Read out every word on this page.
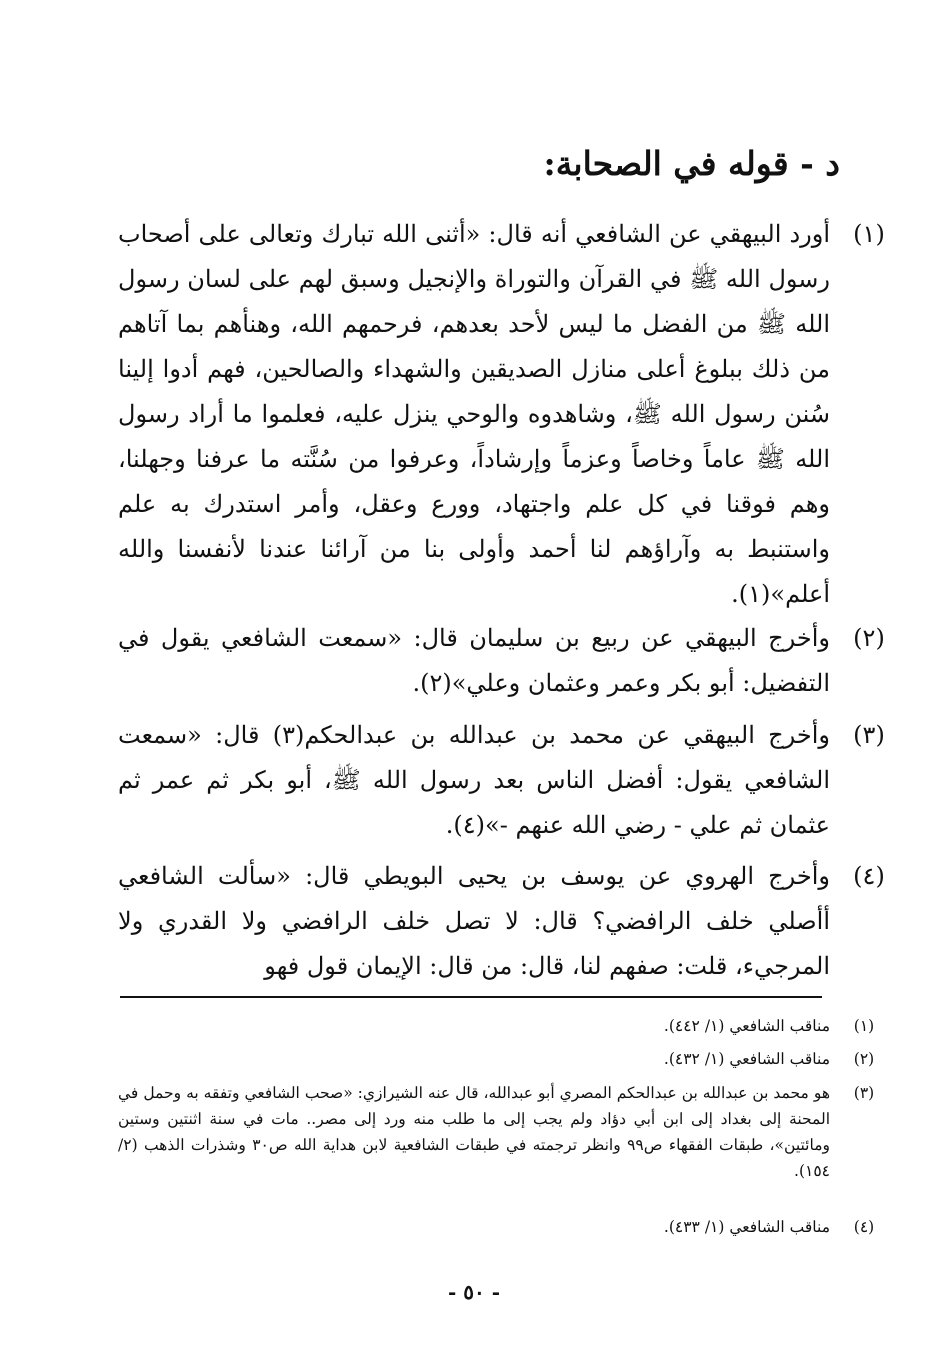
د - قوله في الصحابة:
(١)

أورد البيهقي عن الشافعي أنه قال: «أثنى الله تبارك وتعالى على أصحاب رسول الله ﷺ في القرآن والتوراة والإنجيل وسبق لهم على لسان رسول الله ﷺ من الفضل ما ليس لأحد بعدهم، فرحمهم الله، وهنأهم بما آتاهم من ذلك ببلوغ أعلى منازل الصديقين والشهداء والصالحين، فهم أدوا إلينا سُنن رسول الله ﷺ، وشاهدوه والوحي ينزل عليه، فعلموا ما أراد رسول الله ﷺ عاماً وخاصاً وعزماً وإرشاداً، وعرفوا من سُنَّته ما عرفنا وجهلنا، وهم فوقنا في كل علم واجتهاد، وورع وعقل، وأمر استدرك به علم واستنبط به وآراؤهم لنا أحمد وأولى بنا من آرائنا عندنا لأنفسنا والله أعلم»(١).

(٢)

وأخرج البيهقي عن ربيع بن سليمان قال: «سمعت الشافعي يقول في التفضيل: أبو بكر وعمر وعثمان وعلي»(٢).

(٣)

وأخرج البيهقي عن محمد بن عبدالله بن عبدالحكم(٣) قال: «سمعت الشافعي يقول: أفضل الناس بعد رسول الله ﷺ، أبو بكر ثم عمر ثم عثمان ثم علي - رضي الله عنهم -»(٤).

(٤)

وأخرج الهروي عن يوسف بن يحيى البويطي قال: «سألت الشافعي أأصلي خلف الرافضي؟ قال: لا تصل خلف الرافضي ولا القدري ولا المرجيء، قلت: صفهم لنا، قال: من قال: الإيمان قول فهو

(١)

مناقب الشافعي (١/ ٤٤٢).

(٢)

مناقب الشافعي (١/ ٤٣٢).

(٣)

هو محمد بن عبدالله بن عبدالحكم المصري أبو عبدالله، قال عنه الشيرازي: «صحب الشافعي وتفقه به وحمل في المحنة إلى بغداد إلى ابن أبي دؤاد ولم يجب إلى ما طلب منه ورد إلى مصر.. مات في سنة اثنتين وستين ومائتين»، طبقات الفقهاء ص٩٩ وانظر ترجمته في طبقات الشافعية لابن هداية الله ص٣٠ وشذرات الذهب (٢/ ١٥٤).

(٤)

مناقب الشافعي (١/ ٤٣٣).

- ٥٠ -
